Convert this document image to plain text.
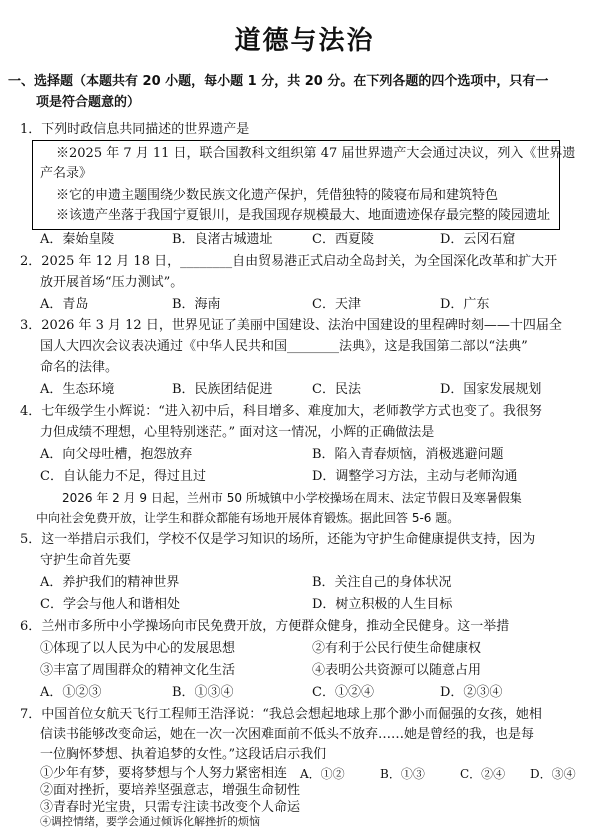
道德与法治
一、选择题（本题共有 20 小题，每小题 1 分，共 20 分。在下列各题的四个选项中，只有一
项是符合题意的）
1．下列时政信息共同描述的世界遗产是
※2025 年 7 月 11 日，联合国教科文组织第 47 届世界遗产大会通过决议，列入《世界遗
产名录》
※它的申遗主题围绕少数民族文化遗产保护，凭借独特的陵寝布局和建筑特色
※该遗产坐落于我国宁夏银川，是我国现存规模最大、地面遗迹保存最完整的陵园遗址
A．秦始皇陵	B．良渚古城遗址	C．西夏陵	D．云冈石窟
2．2025 年 12 月 18 日，________自由贸易港正式启动全岛封关，为全国深化改革和扩大开
放开展首场“压力测试”。
A．青岛	B．海南	C．天津	D．广东
3．2026 年 3 月 12 日，世界见证了美丽中国建设、法治中国建设的里程碑时刻——十四届全
国人大四次会议表决通过《中华人民共和国________法典》，这是我国第二部以“法典”
命名的法律。
A．生态环境	B．民族团结促进	C．民法	D．国家发展规划
4．七年级学生小辉说：“进入初中后，科目增多、难度加大，老师教学方式也变了。我很努
力但成绩不理想，心里特别迷茫。” 面对这一情况，小辉的正确做法是
A．向父母吐槽，抱怨放弃	B．陷入青春烦恼，消极逃避问题
C．自认能力不足，得过且过	D．调整学习方法，主动与老师沟通
2026 年 2 月 9 日起，兰州市 50 所城镇中小学校操场在周末、法定节假日及寒暑假集
中向社会免费开放，让学生和群众都能有场地开展体育锻炼。据此回答 5-6 题。
5．这一举措启示我们，学校不仅是学习知识的场所，还能为守护生命健康提供支持，因为
守护生命首先要
A．养护我们的精神世界	B．关注自己的身体状况
C．学会与他人和谐相处	D．树立积极的人生目标
6．兰州市多所中小学操场向市民免费开放，方便群众健身，推动全民健身。这一举措
①体现了以人民为中心的发展思想	②有利于公民行使生命健康权
③丰富了周围群众的精神文化生活	④表明公共资源可以随意占用
A．①②③	B．①③④	C．①②④	D．②③④
7．中国首位女航天飞行工程师王浩泽说：“我总会想起地球上那个渺小而倔强的女孩，她相
信读书能够改变命运，她在一次一次困难面前不低头不放弃……她是曾经的我，也是每
一位胸怀梦想、执着追梦的女性。”这段话启示我们
①少年有梦，要将梦想与个人努力紧密相连
②面对挫折，要培养坚强意志，增强生命韧性
③青春时光宝贵，只需专注读书改变个人命运
④调控情绪，要学会通过倾诉化解挫折的烦恼
A．①②	B．①③	C．②④ D．③④
